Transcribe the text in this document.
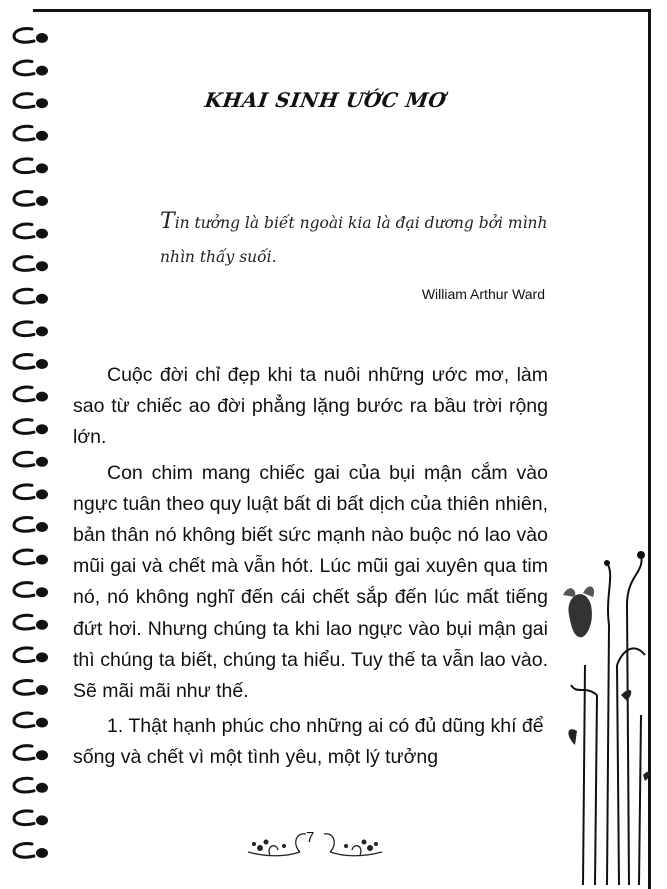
KHAI SINH ƯỚC MƠ
Tin tưởng là biết ngoài kia là đại dương bởi mình
nhìn thấy suối.

William Arthur Ward

Cuộc đời chỉ đẹp khi ta nuôi những ước mơ, làm sao từ chiếc ao đời phẳng lặng bước ra bầu trời rộng lớn.

Con chim mang chiếc gai của bụi mận cắm vào ngực tuân theo quy luật bất di bất dịch của thiên nhiên, bản thân nó không biết sức mạnh nào buộc nó lao vào mũi gai và chết mà vẫn hót. Lúc mũi gai xuyên qua tim nó, nó không nghĩ đến cái chết sắp đến lúc mất tiếng đứt hơi. Nhưng chúng ta khi lao ngực vào bụi mận gai thì chúng ta biết, chúng ta hiểu. Tuy thế ta vẫn lao vào. Sẽ mãi mãi như thế.

1. Thật hạnh phúc cho những ai có đủ dũng khí để sống và chết vì một tình yêu, một lý tưởng

7
